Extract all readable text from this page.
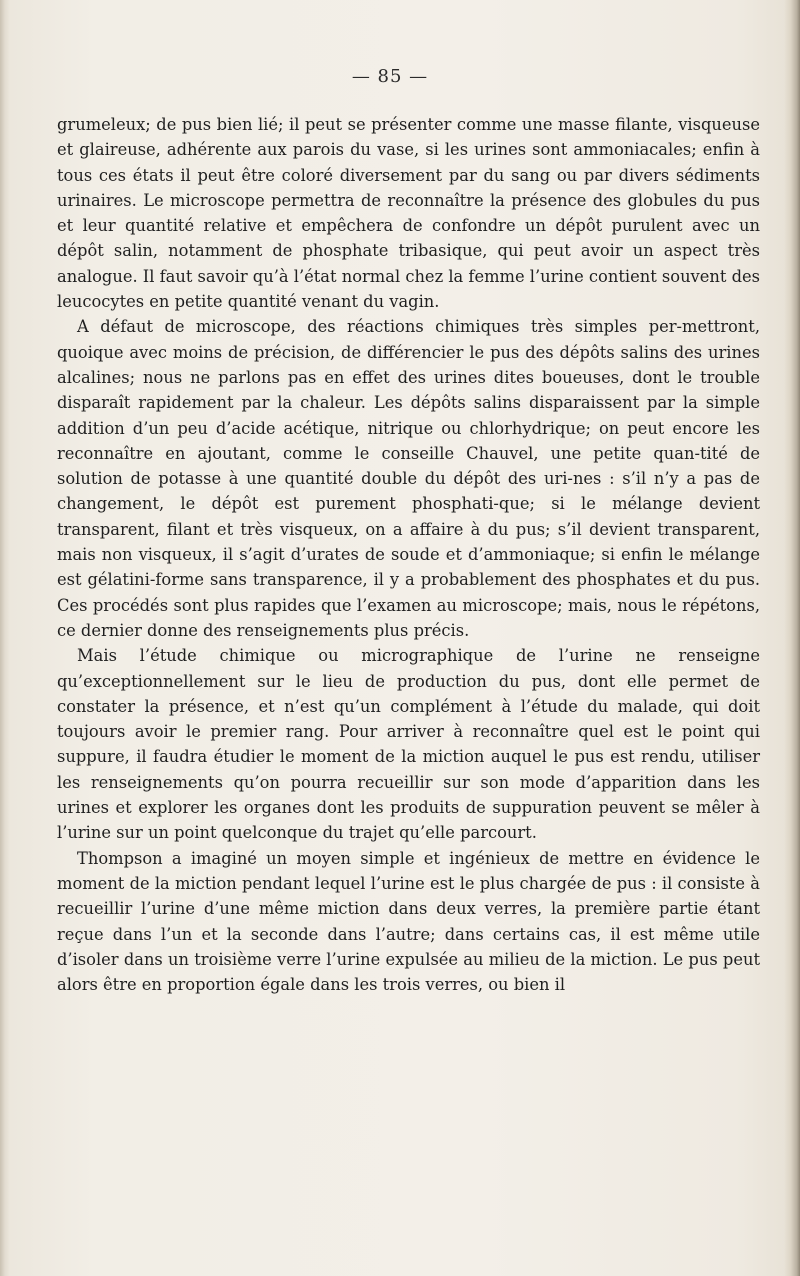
— 85 —

grumeleux; de pus bien lié; il peut se présenter comme une masse filante, visqueuse et glaireuse, adhérente aux parois du vase, si les urines sont ammoniacales; enfin à tous ces états il peut être coloré diversement par du sang ou par divers sédiments urinaires. Le microscope permettra de reconnaître la présence des globules du pus et leur quantité relative et empêchera de confondre un dépôt purulent avec un dépôt salin, notamment de phosphate tribasique, qui peut avoir un aspect très analogue. Il faut savoir qu’à l’état normal chez la femme l’urine contient souvent des leucocytes en petite quantité venant du vagin.

A défaut de microscope, des réactions chimiques très simples per-mettront, quoique avec moins de précision, de différencier le pus des dépôts salins des urines alcalines; nous ne parlons pas en effet des urines dites boueuses, dont le trouble disparaît rapidement par la chaleur. Les dépôts salins disparaissent par la simple addition d’un peu d’acide acétique, nitrique ou chlorhydrique; on peut encore les reconnaître en ajoutant, comme le conseille Chauvel, une petite quan-tité de solution de potasse à une quantité double du dépôt des uri-nes : s’il n’y a pas de changement, le dépôt est purement phosphati-que; si le mélange devient transparent, filant et très visqueux, on a affaire à du pus; s’il devient transparent, mais non visqueux, il s’agit d’urates de soude et d’ammoniaque; si enfin le mélange est gélatini-forme sans transparence, il y a probablement des phosphates et du pus. Ces procédés sont plus rapides que l’examen au microscope; mais, nous le répétons, ce dernier donne des renseignements plus précis.

Mais l’étude chimique ou micrographique de l’urine ne renseigne qu’exceptionnellement sur le lieu de production du pus, dont elle permet de constater la présence, et n’est qu’un complément à l’étude du malade, qui doit toujours avoir le premier rang. Pour arriver à reconnaître quel est le point qui suppure, il faudra étudier le moment de la miction auquel le pus est rendu, utiliser les renseignements qu’on pourra recueillir sur son mode d’apparition dans les urines et explorer les organes dont les produits de suppuration peuvent se mêler à l’urine sur un point quelconque du trajet qu’elle parcourt.

Thompson a imaginé un moyen simple et ingénieux de mettre en évidence le moment de la miction pendant lequel l’urine est le plus chargée de pus : il consiste à recueillir l’urine d’une même miction dans deux verres, la première partie étant reçue dans l’un et la seconde dans l’autre; dans certains cas, il est même utile d’isoler dans un troisième verre l’urine expulsée au milieu de la miction. Le pus peut alors être en proportion égale dans les trois verres, ou bien il
